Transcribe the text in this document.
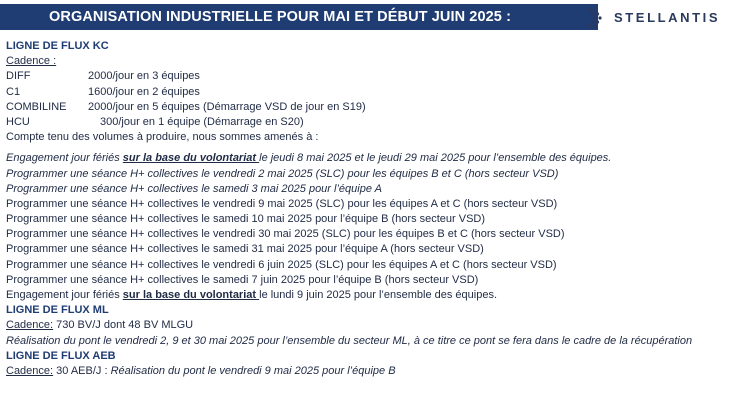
ORGANISATION INDUSTRIELLE POUR MAI ET DÉBUT JUIN 2025 :	STELLANTIS
LIGNE DE FLUX KC
Cadence :
DIFF	2000/jour en 3 équipes
C1	1600/jour en 2 équipes
COMBILINE 2000/jour en 5 équipes (Démarrage VSD de jour en S19)
HCU	300/jour en 1 équipe (Démarrage en S20)
Compte tenu des volumes à produire, nous sommes amenés à :
Engagement jour fériés sur la base du volontariat le jeudi 8 mai 2025 et le jeudi 29 mai 2025 pour l’ensemble des équipes.
Programmer une séance H+ collectives le vendredi 2 mai 2025 (SLC) pour les équipes B et C (hors secteur VSD)
Programmer une séance H+ collectives le samedi 3 mai 2025 pour l’équipe A
Programmer une séance H+ collectives le vendredi 9 mai 2025 (SLC) pour les équipes A et C (hors secteur VSD)
Programmer une séance H+ collectives le samedi 10 mai 2025 pour l’équipe B (hors secteur VSD)
Programmer une séance H+ collectives le vendredi 30 mai 2025 (SLC) pour les équipes B et C (hors secteur VSD)
Programmer une séance H+ collectives le samedi 31 mai 2025 pour l’équipe A (hors secteur VSD)
Programmer une séance H+ collectives le vendredi 6 juin 2025 (SLC) pour les équipes A et C (hors secteur VSD)
Programmer une séance H+ collectives le samedi 7 juin 2025 pour l’équipe B (hors secteur VSD)
Engagement jour fériés sur la base du volontariat le lundi 9 juin 2025 pour l’ensemble des équipes.
LIGNE DE FLUX ML
Cadence: 730 BV/J dont 48 BV MLGU
Réalisation du pont le vendredi 2, 9 et 30 mai 2025 pour l’ensemble du secteur ML, à ce titre ce pont se fera dans le cadre de la récupération
LIGNE DE FLUX AEB
Cadence: 30 AEB/J : Réalisation du pont le vendredi 9 mai 2025 pour l’équipe B
